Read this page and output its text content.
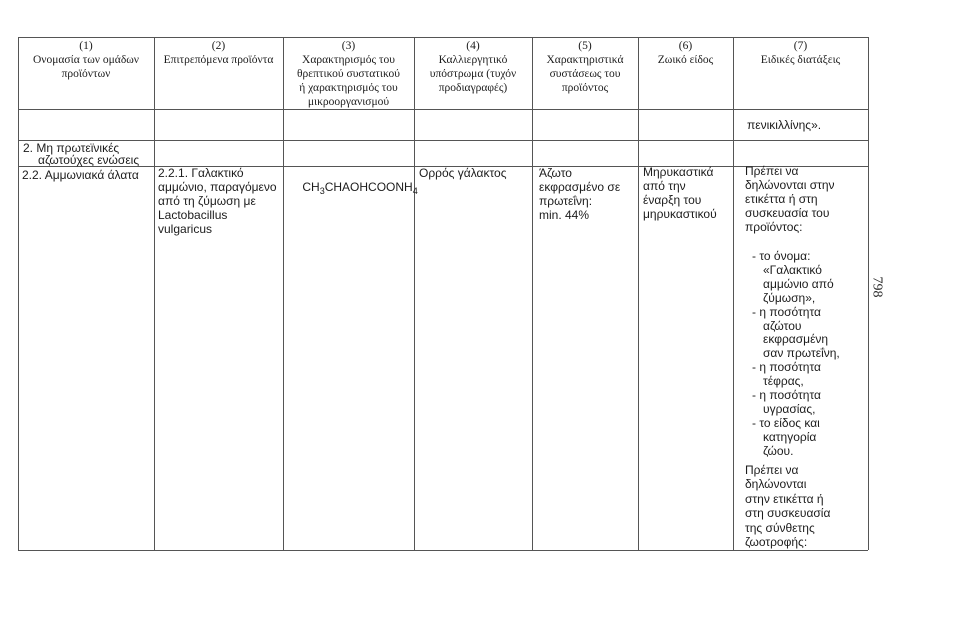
(1)
Ονομασία των ομάδων
προϊόντων
(2)
Επιτρεπόμενα προϊόντα
(3)
Χαρακτηρισμός του
θρεπτικού συστατικού
ή χαρακτηρισμός του
μικροοργανισμού
(4)
Καλλιεργητικό
υπόστρωμα (τυχόν
προδιαγραφές)
(5)
Χαρακτηριστικά
συστάσεως του
προϊόντος
(6)
Ζωικό είδος
(7)
Ειδικές διατάξεις
πενικιλλίνης».
2. Μη πρωτεϊνικές
αζωτούχες ενώσεις
2.2. Αμμωνιακά άλατα 2.2.1. Γαλακτικό
αμμώνιο, παραγόμενο
από τη ζύμωση με
Lactobacillus
vulgaricus

$CH_3CHAOHCOONH_4$

Ορρός γάλακτος	Άζωτο
εκφρασμένο σε
πρωτεΐνη:
min. 44%
Μηρυκαστικά
από την
έναρξη του
μηρυκαστικού
Πρέπει να
δηλώνονται στην
ετικέττα ή στη
συσκευασία του
προϊόντος:
- το όνομα:
«Γαλακτικό
αμμώνιο από
ζύμωση»,
- η ποσότητα
αζώτου
εκφρασμένη
σαν πρωτεΐνη,
- η ποσότητα
τέφρας,
- η ποσότητα
υγρασίας,
- το είδος και
κατηγορία
ζώου.
Πρέπει να
δηλώνονται
στην ετικέττα ή
στη συσκευασία
της σύνθετης
ζωοτροφής:
798
